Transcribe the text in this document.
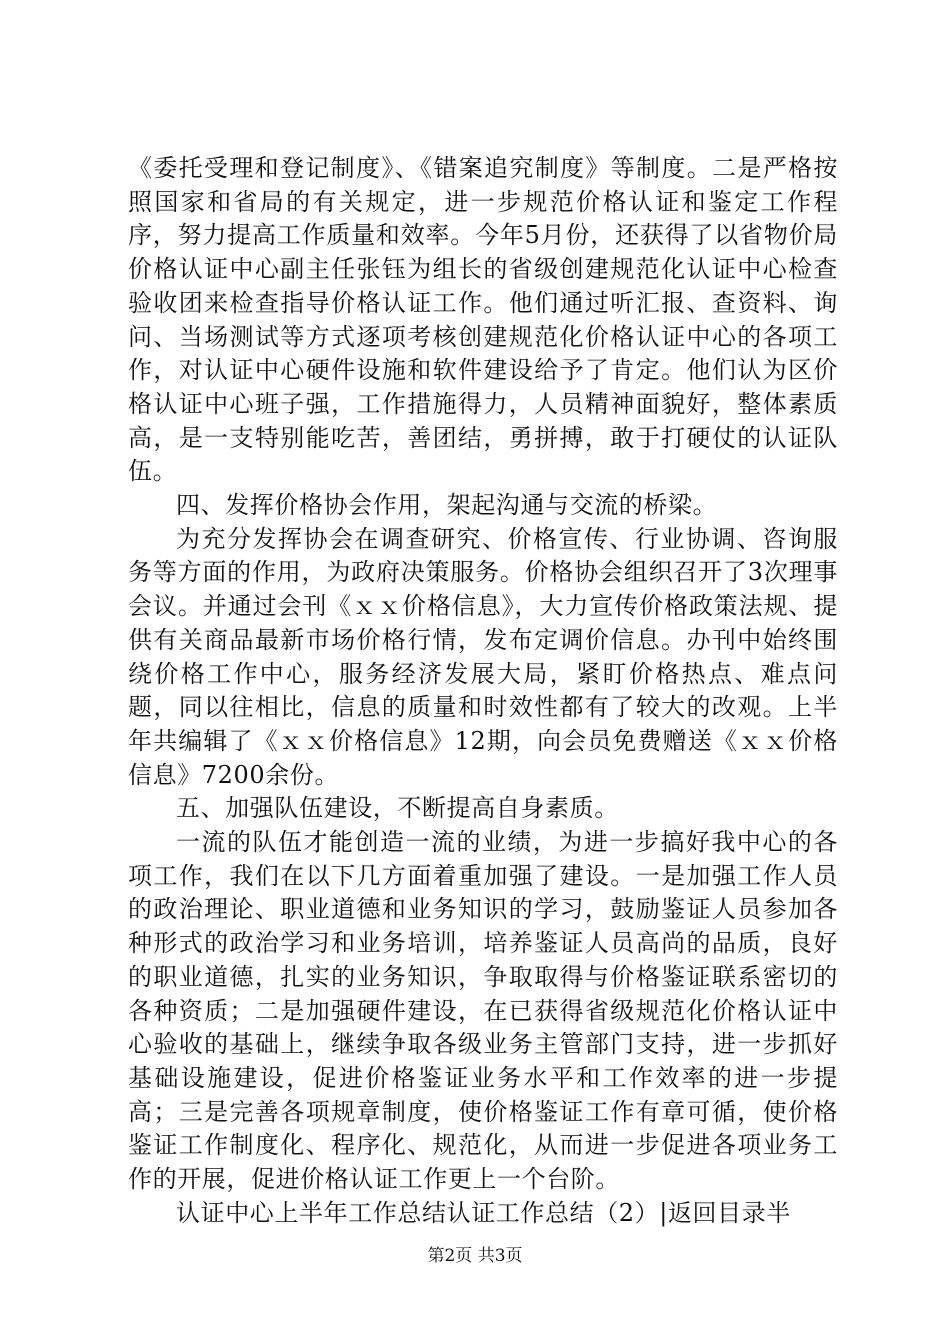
《委托受理和登记制度》、《错案追究制度》等制度。二是严格按照国家和省局的有关规定，进一步规范价格认证和鉴定工作程序，努力提高工作质量和效率。今年5月份，还获得了以省物价局价格认证中心副主任张钰为组长的省级创建规范化认证中心检查验收团来检查指导价格认证工作。他们通过听汇报、查资料、询问、当场测试等方式逐项考核创建规范化价格认证中心的各项工作，对认证中心硬件设施和软件建设给予了肯定。他们认为区价格认证中心班子强，工作措施得力，人员精神面貌好，整体素质高，是一支特别能吃苦，善团结，勇拼搏，敢于打硬仗的认证队伍。

四、发挥价格协会作用，架起沟通与交流的桥梁。

为充分发挥协会在调查研究、价格宣传、行业协调、咨询服务等方面的作用，为政府决策服务。价格协会组织召开了3次理事会议。并通过会刊《ｘｘ价格信息》，大力宣传价格政策法规、提供有关商品最新市场价格行情，发布定调价信息。办刊中始终围绕价格工作中心，服务经济发展大局，紧盯价格热点、难点问题，同以往相比，信息的质量和时效性都有了较大的改观。上半年共编辑了《ｘｘ价格信息》12期，向会员免费赠送《ｘｘ价格信息》7200余份。

五、加强队伍建设，不断提高自身素质。

一流的队伍才能创造一流的业绩，为进一步搞好我中心的各项工作，我们在以下几方面着重加强了建设。一是加强工作人员的政治理论、职业道德和业务知识的学习，鼓励鉴证人员参加各种形式的政治学习和业务培训，培养鉴证人员高尚的品质，良好的职业道德，扎实的业务知识，争取取得与价格鉴证联系密切的各种资质；二是加强硬件建设，在已获得省级规范化价格认证中心验收的基础上，继续争取各级业务主管部门支持，进一步抓好基础设施建设，促进价格鉴证业务水平和工作效率的进一步提高；三是完善各项规章制度，使价格鉴证工作有章可循，使价格鉴证工作制度化、程序化、规范化，从而进一步促进各项业务工作的开展，促进价格认证工作更上一个台阶。

认证中心上半年工作总结认证工作总结（2）|返回目录半

第2页 共3页
